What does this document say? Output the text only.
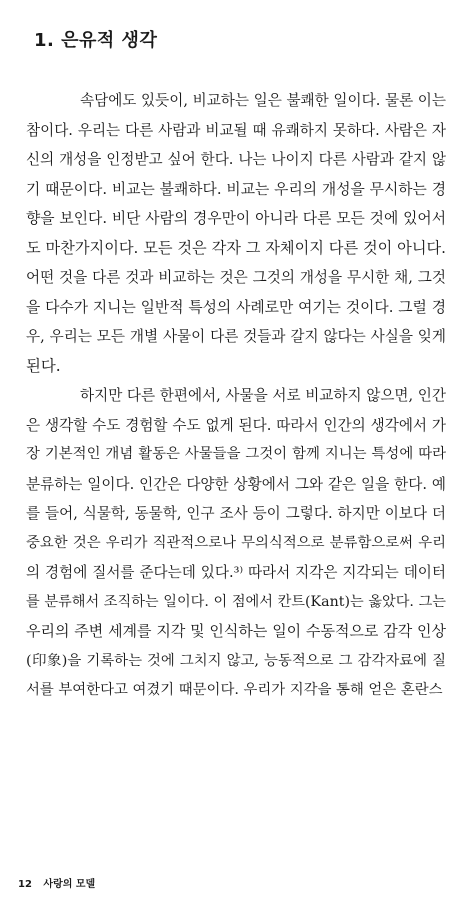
1. 은유적 생각
속담에도 있듯이, 비교하는 일은 불쾌한 일이다. 물론 이는
참이다. 우리는 다른 사람과 비교될 때 유쾌하지 못하다. 사람은 자
신의 개성을 인정받고 싶어 한다. 나는 나이지 다른 사람과 같지 않
기 때문이다. 비교는 불쾌하다. 비교는 우리의 개성을 무시하는 경
향을 보인다. 비단 사람의 경우만이 아니라 다른 모든 것에 있어서
도 마찬가지이다. 모든 것은 각자 그 자체이지 다른 것이 아니다.
어떤 것을 다른 것과 비교하는 것은 그것의 개성을 무시한 채, 그것
을 다수가 지니는 일반적 특성의 사례로만 여기는 것이다. 그럴 경
우, 우리는 모든 개별 사물이 다른 것들과 갈지 않다는 사실을 잊게
된다.
하지만 다른 한편에서, 사물을 서로 비교하지 않으면, 인간
은 생각할 수도 경험할 수도 없게 된다. 따라서 인간의 생각에서 가
장 기본적인 개념 활동은 사물들을 그것이 함께 지니는 특성에 따라
분류하는 일이다. 인간은 다양한 상황에서 그와 같은 일을 한다. 예
를 들어, 식물학, 동물학, 인구 조사 등이 그렇다. 하지만 이보다 더
중요한 것은 우리가 직관적으로나 무의식적으로 분류함으로써 우리
의 경험에 질서를 준다는데 있다.³⁾ 따라서 지각은 지각되는 데이터
를 분류해서 조직하는 일이다. 이 점에서 칸트(Kant)는 옳았다. 그는
우리의 주변 세계를 지각 및 인식하는 일이 수동적으로 감각 인상
(印象)을 기록하는 것에 그치지 않고, 능동적으로 그 감각자료에 질
서를 부여한다고 여겼기 때문이다. 우리가 지각을 통해 얻은 혼란스
12 사랑의 모델
